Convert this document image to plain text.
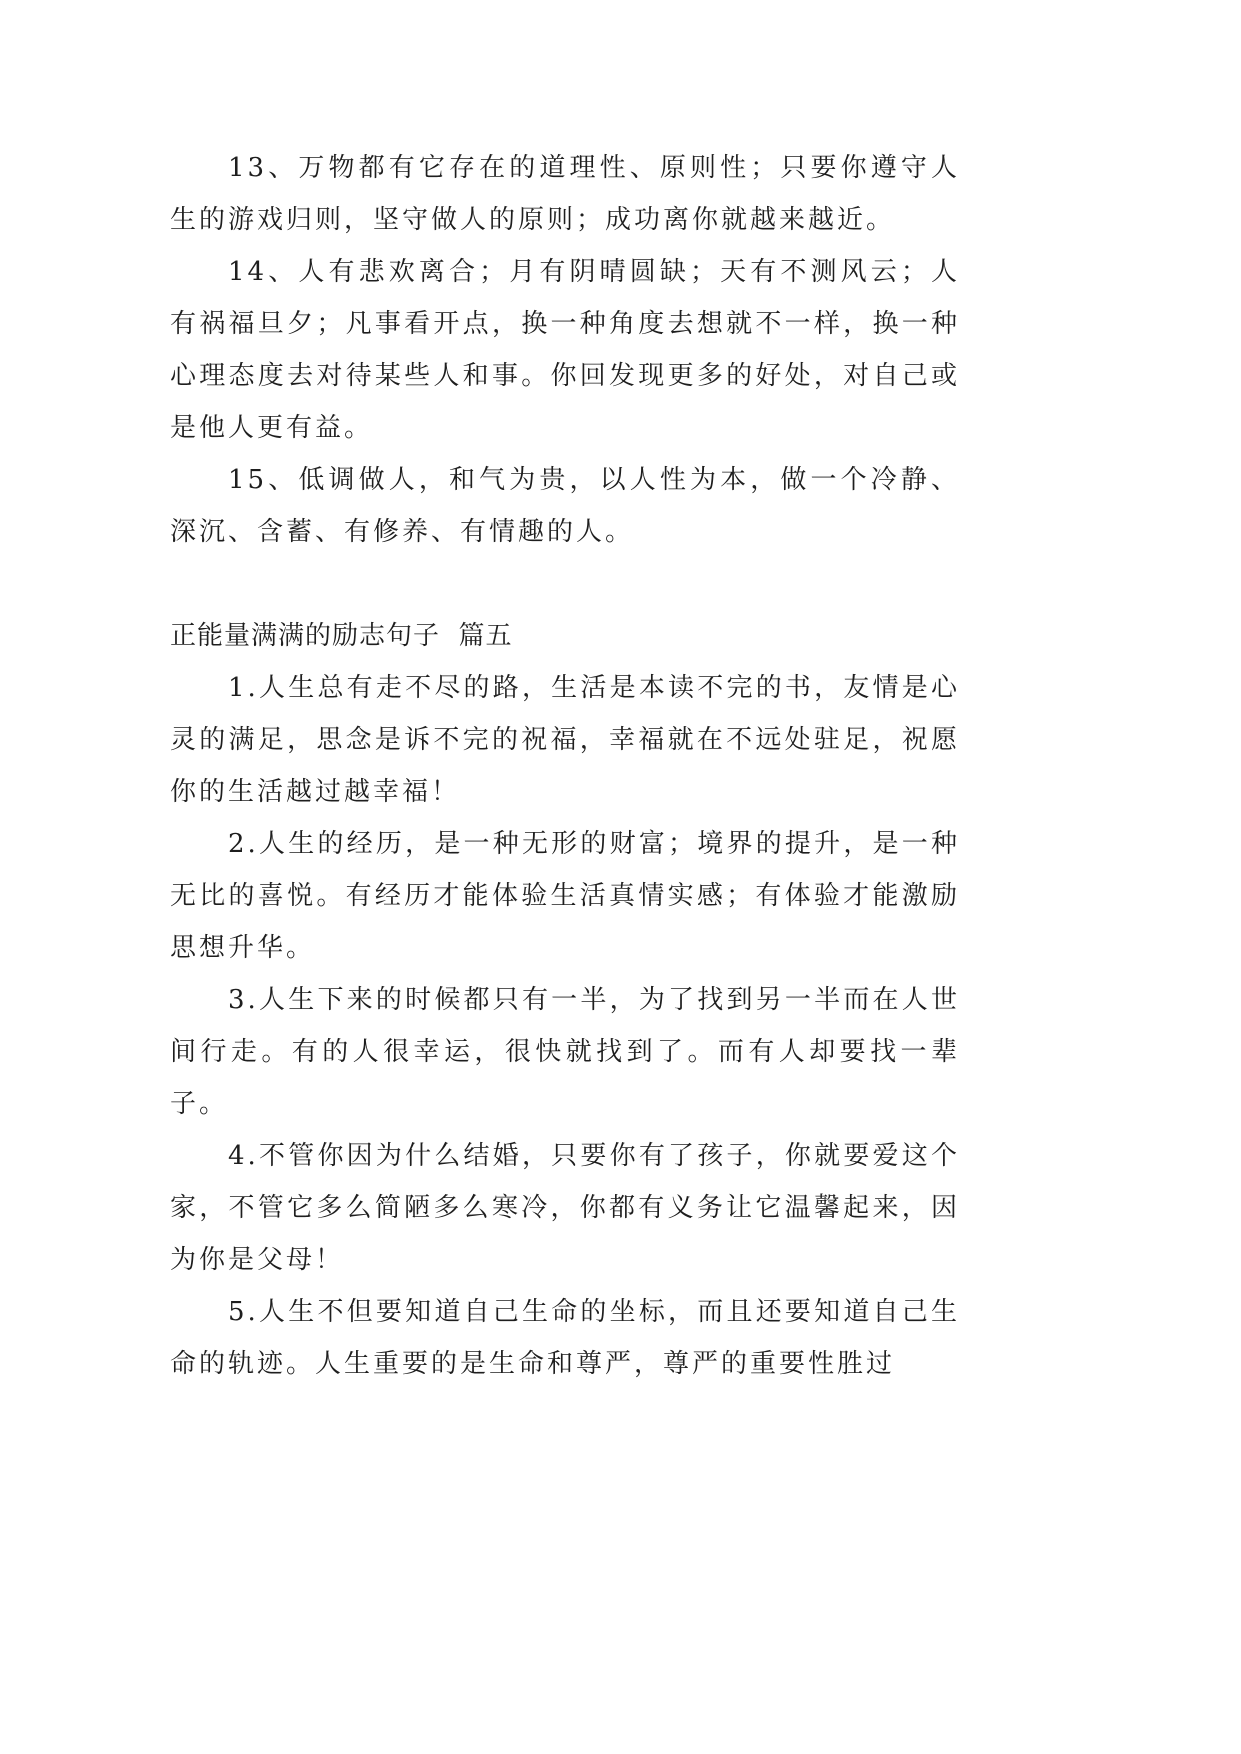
13、万物都有它存在的道理性、原则性；只要你遵守人生的游戏归则，坚守做人的原则；成功离你就越来越近。

14、人有悲欢离合；月有阴晴圆缺；天有不测风云；人有祸福旦夕；凡事看开点，换一种角度去想就不一样，换一种心理态度去对待某些人和事。你回发现更多的好处，对自己或是他人更有益。

15、低调做人，和气为贵，以人性为本，做一个冷静、深沉、含蓄、有修养、有情趣的人。

正能量满满的励志句子  篇五

1.人生总有走不尽的路，生活是本读不完的书，友情是心灵的满足，思念是诉不完的祝福，幸福就在不远处驻足，祝愿你的生活越过越幸福！

2.人生的经历，是一种无形的财富；境界的提升，是一种无比的喜悦。有经历才能体验生活真情实感；有体验才能激励思想升华。

3.人生下来的时候都只有一半，为了找到另一半而在人世间行走。有的人很幸运，很快就找到了。而有人却要找一辈子。

4.不管你因为什么结婚，只要你有了孩子，你就要爱这个家，不管它多么简陋多么寒冷，你都有义务让它温馨起来，因为你是父母！

5.人生不但要知道自己生命的坐标，而且还要知道自己生命的轨迹。人生重要的是生命和尊严，尊严的重要性胜过
